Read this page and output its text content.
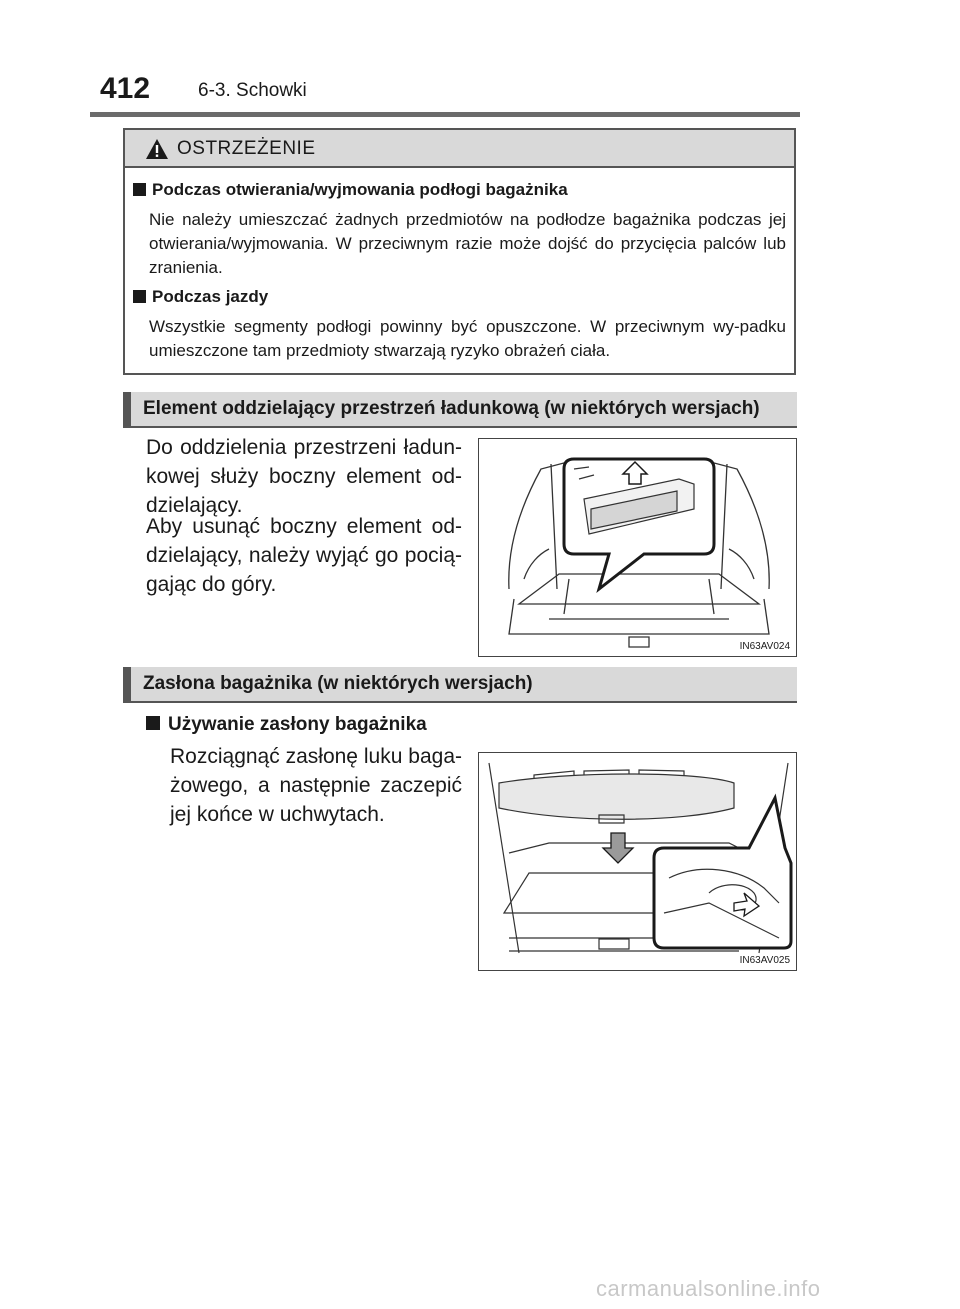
412	6-3. Schowki
OSTRZEŻENIE
Podczas otwierania/wyjmowania podłogi bagażnika
Nie należy umieszczać żadnych przedmiotów na podłodze bagażnika podczas jej otwierania/wyjmowania. W przeciwnym razie może dojść do przycięcia palców lub zranienia.
Podczas jazdy
Wszystkie segmenty podłogi powinny być opuszczone. W przeciwnym wy-padku umieszczone tam przedmioty stwarzają ryzyko obrażeń ciała.
Element oddzielający przestrzeń ładunkową (w niektórych wersjach)
Do oddzielenia przestrzeni ładun-kowej służy boczny element od-dzielający.
Aby usunąć boczny element od-dzielający, należy wyjąć go pocią-gając do góry.
IN63AV024
Zasłona bagażnika (w niektórych wersjach)
Używanie zasłony bagażnika
Rozciągnąć zasłonę luku baga-żowego, a następnie zaczepić jej końce w uchwytach.
IN63AV025
carmanualsonline.info
